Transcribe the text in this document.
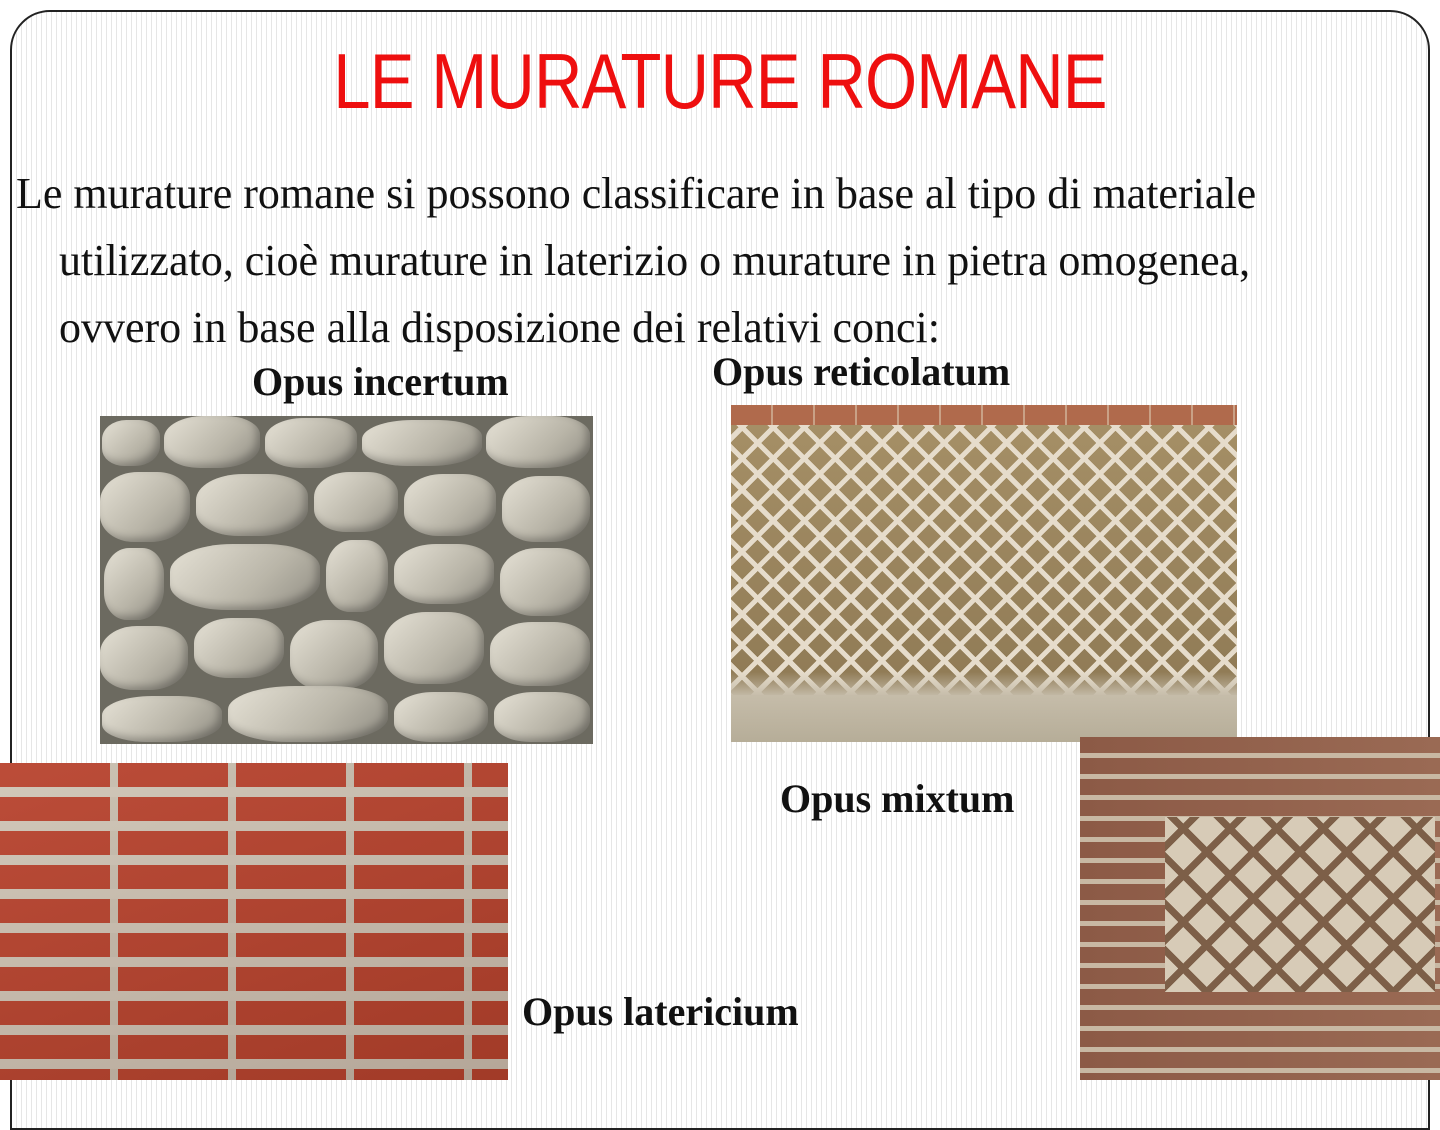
LE MURATURE ROMANE
Le murature romane si possono classificare in base al tipo di materiale utilizzato, cioè murature in laterizio o murature in pietra omogenea, ovvero in base alla disposizione dei relativi conci:
Opus incertum	Opus reticolatum
Opus mixtum
Opus latericium
